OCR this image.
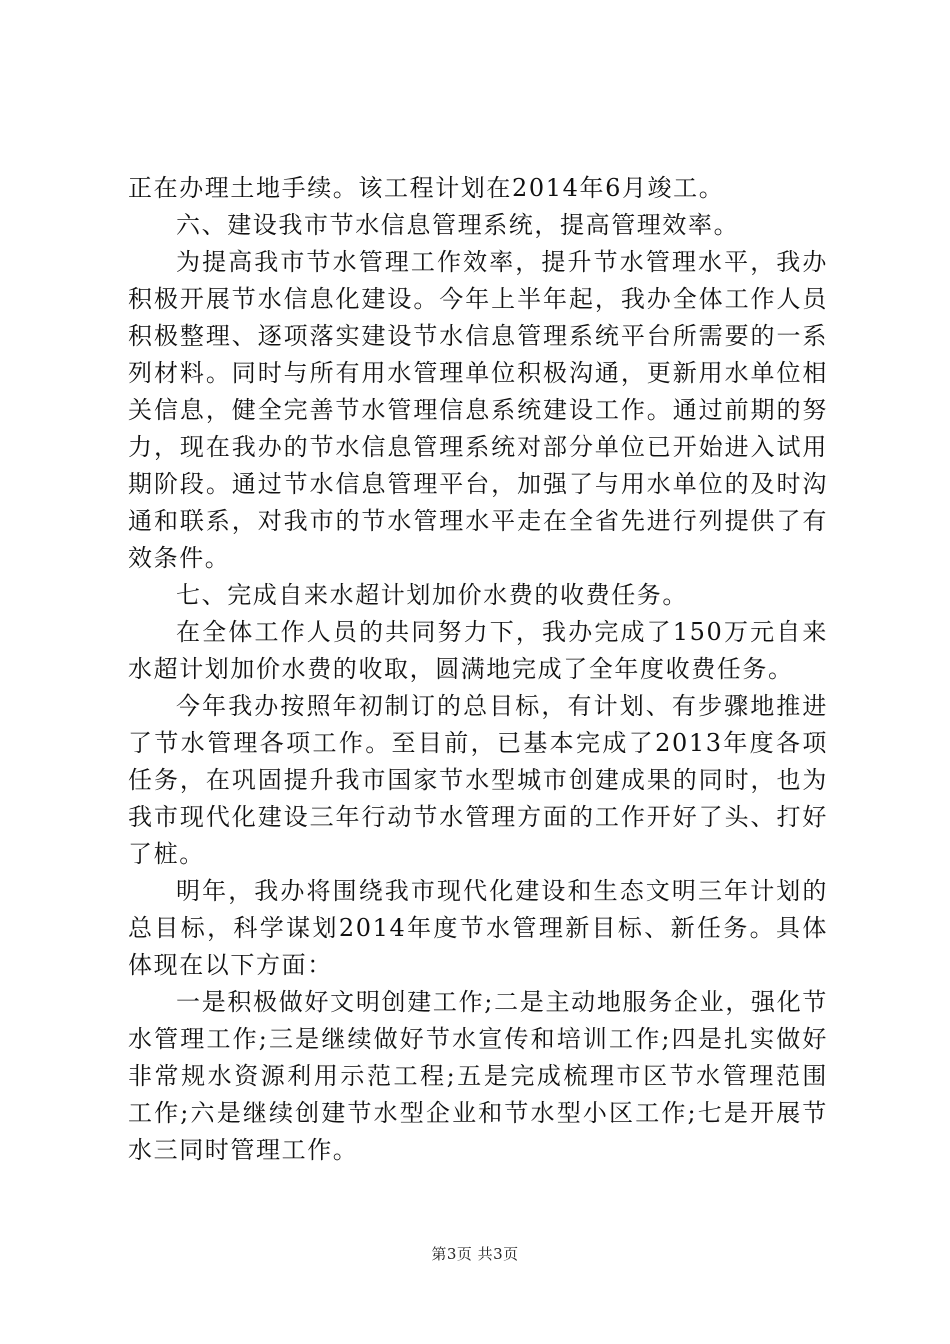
正在办理土地手续。该工程计划在2014年6月竣工。

六、建设我市节水信息管理系统，提高管理效率。

为提高我市节水管理工作效率，提升节水管理水平，我办积极开展节水信息化建设。今年上半年起，我办全体工作人员积极整理、逐项落实建设节水信息管理系统平台所需要的一系列材料。同时与所有用水管理单位积极沟通，更新用水单位相关信息，健全完善节水管理信息系统建设工作。通过前期的努力，现在我办的节水信息管理系统对部分单位已开始进入试用期阶段。通过节水信息管理平台，加强了与用水单位的及时沟通和联系，对我市的节水管理水平走在全省先进行列提供了有效条件。

七、完成自来水超计划加价水费的收费任务。

在全体工作人员的共同努力下，我办完成了150万元自来水超计划加价水费的收取，圆满地完成了全年度收费任务。

今年我办按照年初制订的总目标，有计划、有步骤地推进了节水管理各项工作。至目前，已基本完成了2013年度各项任务，在巩固提升我市国家节水型城市创建成果的同时，也为我市现代化建设三年行动节水管理方面的工作开好了头、打好了桩。

明年，我办将围绕我市现代化建设和生态文明三年计划的总目标，科学谋划2014年度节水管理新目标、新任务。具体体现在以下方面：

一是积极做好文明创建工作;二是主动地服务企业，强化节水管理工作;三是继续做好节水宣传和培训工作;四是扎实做好非常规水资源利用示范工程;五是完成梳理市区节水管理范围工作;六是继续创建节水型企业和节水型小区工作;七是开展节水三同时管理工作。

第3页 共3页
